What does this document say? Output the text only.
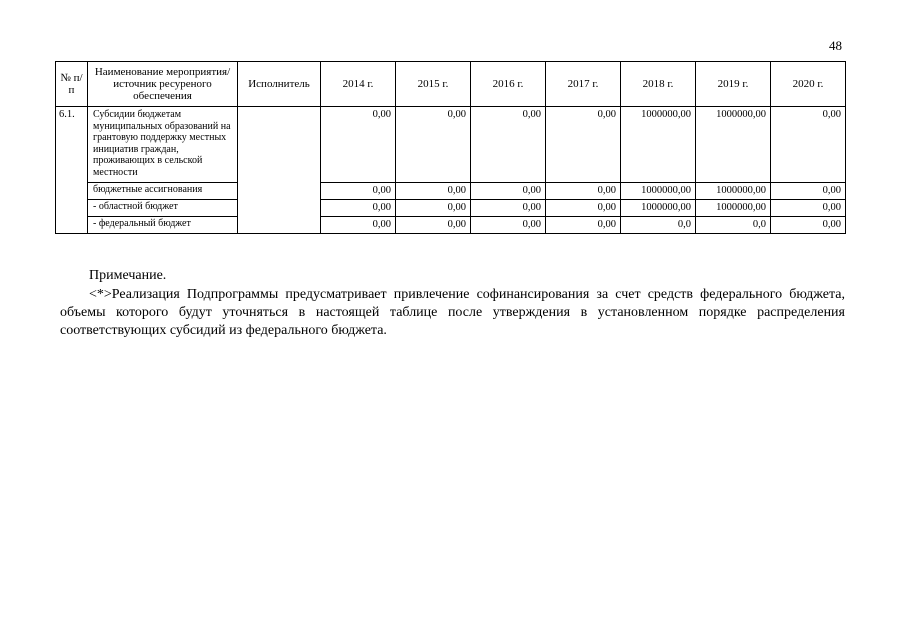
48
№ п/п	Наименование мероприятия/источник ресуреного обеспечения	Исполнитель	2014 г.	2015 г.	2016 г.	2017 г.	2018 г.	2019 г.	2020 г.
6.1.	Субсидии бюджетам муниципальных образований на грантовую поддержку местных инициатив граждан, проживающих в сельской местности		0,00	0,00	0,00	0,00	1000000,00	1000000,00	0,00
	бюджетные ассигнования		0,00	0,00	0,00	0,00	1000000,00	1000000,00	0,00
	- областной бюджет		0,00	0,00	0,00	0,00	1000000,00	1000000,00	0,00
	- федеральный бюджет		0,00	0,00	0,00	0,00	0,0	0,0	0,00
Примечание.
<*>Реализация Подпрограммы предусматривает привлечение софинансирования за счет средств федерального бюджета, объемы которого будут уточняться в настоящей таблице после утверждения в установленном порядке распределения соответствующих субсидий из федерального бюджета.
